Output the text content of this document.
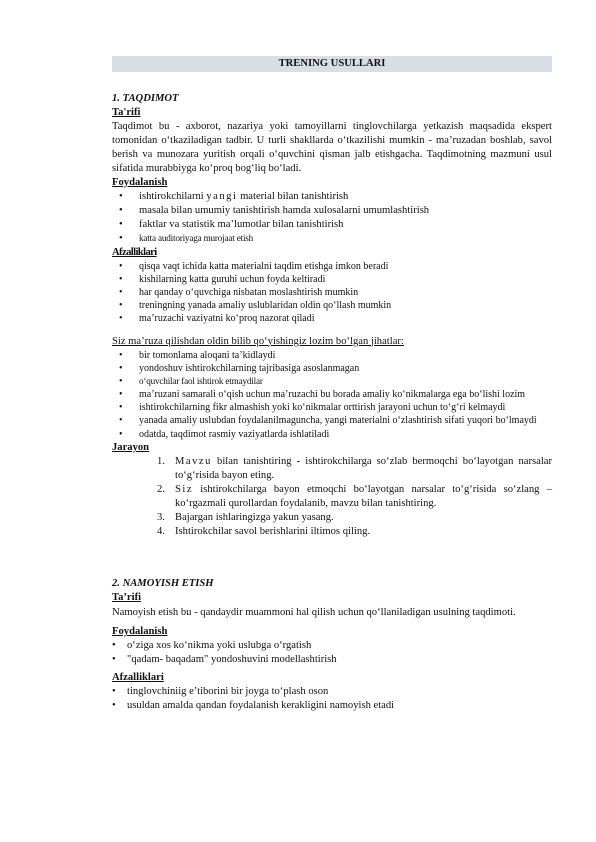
TRENING USULLARI

1. TAQDIMOT

Ta'rifi

Taqdimot bu - axborot, nazariya yoki tamoyillarni tinglovchilarga yetkazish maqsadida ekspert tomonidan o‘tkaziladigan tadbir. U turli shakllarda o‘tkazilishi mumkin - ma’ruzadan boshlab, savol berish va munozara yuritish orqali o‘quvchini qisman jalb etishgacha. Taqdimotning mazmuni usul sifatida murabbiyga ko‘proq bog‘liq bo‘ladi.

Foydalanish

• ishtirokchilarni yangi material bilan tanishtirish
• masala bilan umumiy tanishtirish hamda xulosalarni umumlashtirish
• faktlar va statistik ma’lumotlar bilan tanishtirish
• katta auditoriyaga murojaat etish

Afzalliklari

• qisqa vaqt ichida katta materialni taqdim etishga imkon beradi
• kishilarning katta guruhi uchun foyda keltiradi
• har qanday o‘quvchiga nisbatan moslashtirish mumkin
• treningning yanada amaliy uslublaridan oldin qo‘llash mumkin
• ma’ruzachi vaziyatni ko‘proq nazorat qiladi

Siz ma’ruza qilishdan oldin bilib qo‘yishingiz lozim bo‘lgan jihatlar:

• bir tomonlama aloqani ta’kidlaydi
• yondoshuv ishtirokchilarning tajribasiga asoslanmagan
• o‘quvchilar faol ishtirok etmaydilar
• ma’ruzani samarali o‘qish uchun ma’ruzachi bu borada amaliy ko‘nikmalarga ega bo‘lishi lozim
• ishtirokchilarning fikr almashish yoki ko‘nikmalar orttirish jarayoni uchun to‘g‘ri kelmaydi
• yanada amaliy uslubdan foydalanilmaguncha, yangi materialni o‘zlashtirish sifati yuqori bo‘lmaydi
• odatda, taqdimot rasmiy vaziyatlarda ishlatiladi

Jarayon

1. Mavzu bilan tanishtiring - ishtirokchilarga so‘zlab bermoqchi bo‘layotgan narsalar to‘g‘risida bayon eting.
2. Siz ishtirokchilarga bayon etmoqchi bo‘layotgan narsalar to‘g‘risida so‘zlang – ko‘rgazmali qurollardan foydalanib, mavzu bilan tanishtiring.
3. Bajargan ishlaringizga yakun yasang.
4. Ishtirokchilar savol berishlarini iltimos qiling.

2. NAMOYISH ETISH

Ta’rifi

Namoyish etish bu - qandaydir muammoni hal qilish uchun qo‘llaniladigan usulning taqdimoti.

Foydalanish

• o‘ziga xos ko‘nikma yoki uslubga o‘rgatish
• "qadam- baqadam" yondoshuvini modellashtirish

Afzalliklari

• tinglovchiniig e’tiborini bir joyga to‘plash oson
• usuldan amalda qandan foydalanish kerakligini namoyish etadi
